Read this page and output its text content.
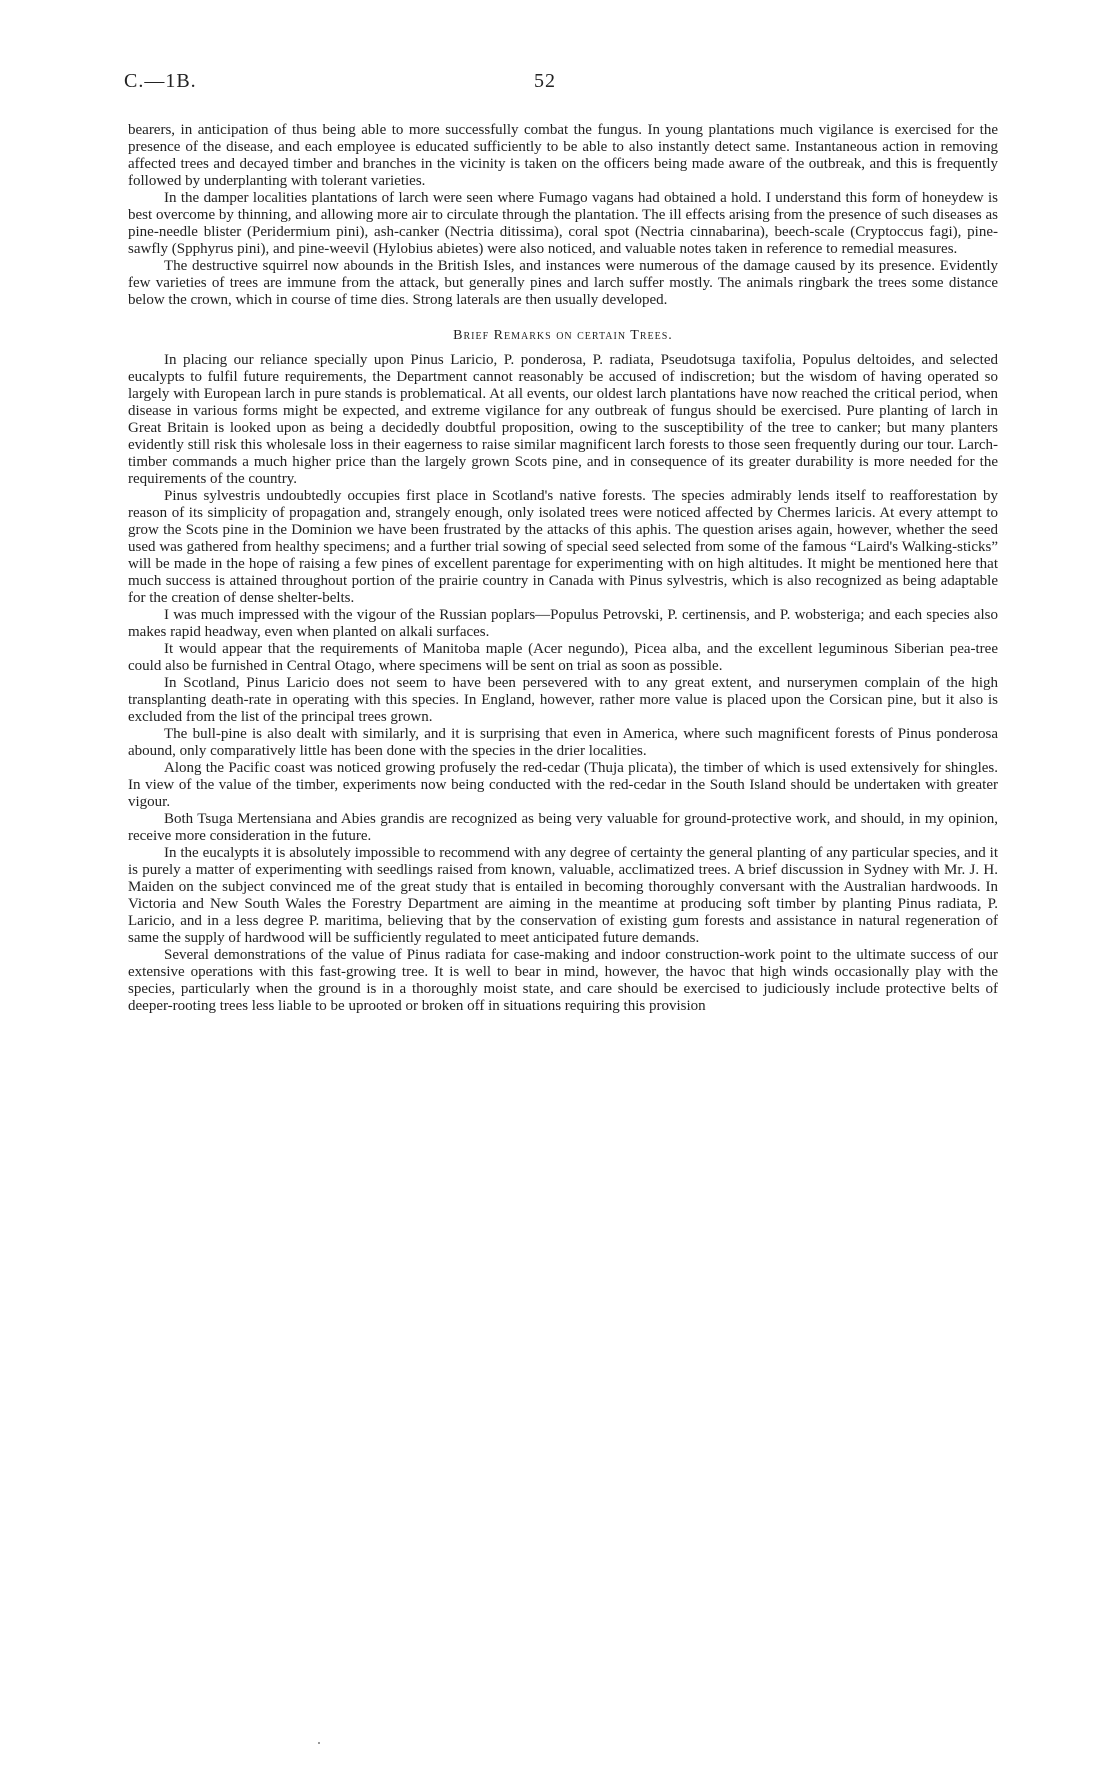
C.—1B.	52

bearers, in anticipation of thus being able to more successfully combat the fungus. In young plantations much vigilance is exercised for the presence of the disease, and each employee is educated sufficiently to be able to also instantly detect same. Instantaneous action in removing affected trees and decayed timber and branches in the vicinity is taken on the officers being made aware of the outbreak, and this is frequently followed by underplanting with tolerant varieties.

In the damper localities plantations of larch were seen where Fumago vagans had obtained a hold. I understand this form of honeydew is best overcome by thinning, and allowing more air to circulate through the plantation. The ill effects arising from the presence of such diseases as pine-needle blister (Peridermium pini), ash-canker (Nectria ditissima), coral spot (Nectria cinnabarina), beech-scale (Cryptoccus fagi), pine-sawfly (Spphyrus pini), and pine-weevil (Hylobius abietes) were also noticed, and valuable notes taken in reference to remedial measures.

The destructive squirrel now abounds in the British Isles, and instances were numerous of the damage caused by its presence. Evidently few varieties of trees are immune from the attack, but generally pines and larch suffer mostly. The animals ringbark the trees some distance below the crown, which in course of time dies. Strong laterals are then usually developed.

Brief Remarks on certain Trees.

In placing our reliance specially upon Pinus Laricio, P. ponderosa, P. radiata, Pseudotsuga taxifolia, Populus deltoides, and selected eucalypts to fulfil future requirements, the Department cannot reasonably be accused of indiscretion; but the wisdom of having operated so largely with European larch in pure stands is problematical. At all events, our oldest larch plantations have now reached the critical period, when disease in various forms might be expected, and extreme vigilance for any outbreak of fungus should be exercised. Pure planting of larch in Great Britain is looked upon as being a decidedly doubtful proposition, owing to the susceptibility of the tree to canker; but many planters evidently still risk this wholesale loss in their eagerness to raise similar magnificent larch forests to those seen frequently during our tour. Larch-timber commands a much higher price than the largely grown Scots pine, and in consequence of its greater durability is more needed for the requirements of the country.

Pinus sylvestris undoubtedly occupies first place in Scotland's native forests. The species admirably lends itself to reafforestation by reason of its simplicity of propagation and, strangely enough, only isolated trees were noticed affected by Chermes laricis. At every attempt to grow the Scots pine in the Dominion we have been frustrated by the attacks of this aphis. The question arises again, however, whether the seed used was gathered from healthy specimens; and a further trial sowing of special seed selected from some of the famous “Laird's Walking-sticks” will be made in the hope of raising a few pines of excellent parentage for experimenting with on high altitudes. It might be mentioned here that much success is attained throughout portion of the prairie country in Canada with Pinus sylvestris, which is also recognized as being adaptable for the creation of dense shelter-belts.

I was much impressed with the vigour of the Russian poplars—Populus Petrovski, P. certinensis, and P. wobsteriga; and each species also makes rapid headway, even when planted on alkali surfaces.

It would appear that the requirements of Manitoba maple (Acer negundo), Picea alba, and the excellent leguminous Siberian pea-tree could also be furnished in Central Otago, where specimens will be sent on trial as soon as possible.

In Scotland, Pinus Laricio does not seem to have been persevered with to any great extent, and nurserymen complain of the high transplanting death-rate in operating with this species. In England, however, rather more value is placed upon the Corsican pine, but it also is excluded from the list of the principal trees grown.

The bull-pine is also dealt with similarly, and it is surprising that even in America, where such magnificent forests of Pinus ponderosa abound, only comparatively little has been done with the species in the drier localities.

Along the Pacific coast was noticed growing profusely the red-cedar (Thuja plicata), the timber of which is used extensively for shingles. In view of the value of the timber, experiments now being conducted with the red-cedar in the South Island should be undertaken with greater vigour.

Both Tsuga Mertensiana and Abies grandis are recognized as being very valuable for ground-protective work, and should, in my opinion, receive more consideration in the future.

In the eucalypts it is absolutely impossible to recommend with any degree of certainty the general planting of any particular species, and it is purely a matter of experimenting with seedlings raised from known, valuable, acclimatized trees. A brief discussion in Sydney with Mr. J. H. Maiden on the subject convinced me of the great study that is entailed in becoming thoroughly conversant with the Australian hardwoods. In Victoria and New South Wales the Forestry Department are aiming in the meantime at producing soft timber by planting Pinus radiata, P. Laricio, and in a less degree P. maritima, believing that by the conservation of existing gum forests and assistance in natural regeneration of same the supply of hardwood will be sufficiently regulated to meet anticipated future demands.

Several demonstrations of the value of Pinus radiata for case-making and indoor construction-work point to the ultimate success of our extensive operations with this fast-growing tree. It is well to bear in mind, however, the havoc that high winds occasionally play with the species, particularly when the ground is in a thoroughly moist state, and care should be exercised to judiciously include protective belts of deeper-rooting trees less liable to be uprooted or broken off in situations requiring this provision
